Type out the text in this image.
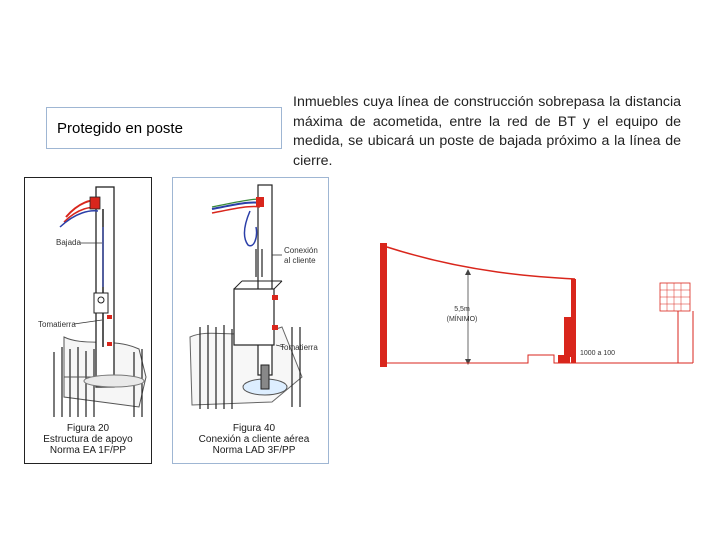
Protegido en poste
Inmuebles cuya línea de construcción sobrepasa la distancia máxima de acometida, entre la red de BT y el equipo de medida, se ubicará un poste de bajada próximo a la línea de cierre.
Bajada
Tomatierra
Figura 20
Estructura de apoyo
Norma EA 1F/PP
Conexión
al cliente
Tomatierra
Figura 40
Conexión a cliente aérea
Norma LAD 3F/PP
5,5m
(MÍNIMO)
1000 a 100
